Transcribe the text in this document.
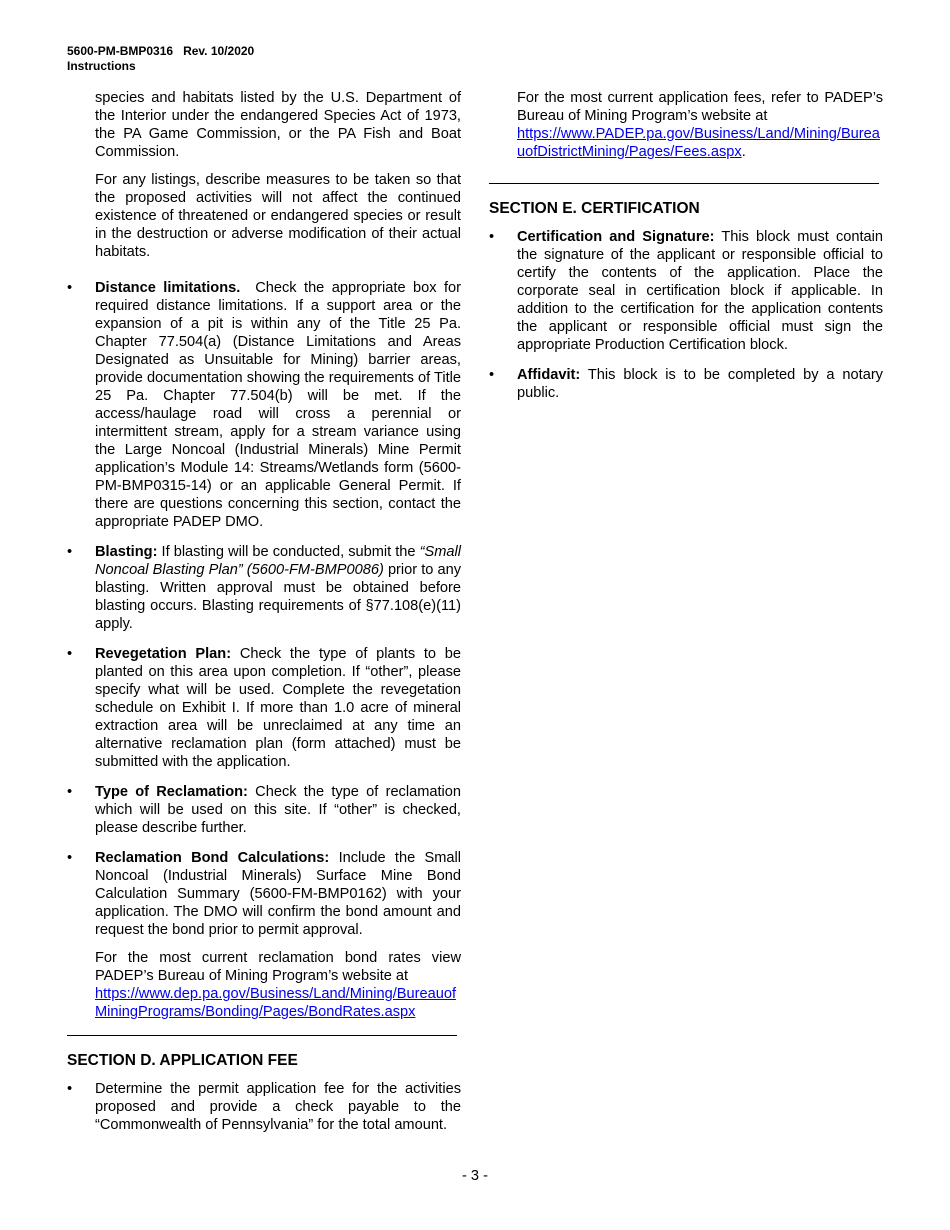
5600-PM-BMP0316 Rev. 10/2020
Instructions

species and habitats listed by the U.S. Department of the Interior under the endangered Species Act of 1973, the PA Game Commission, or the PA Fish and Boat Commission.

For any listings, describe measures to be taken so that the proposed activities will not affect the continued existence of threatened or endangered species or result in the destruction or adverse modification of their actual habitats.

•	Distance limitations. Check the appropriate box for required distance limitations. If a support area or the expansion of a pit is within any of the Title 25 Pa. Chapter 77.504(a) (Distance Limitations and Areas Designated as Unsuitable for Mining) barrier areas, provide documentation showing the requirements of Title 25 Pa. Chapter 77.504(b) will be met. If the access/haulage road will cross a perennial or intermittent stream, apply for a stream variance using the Large Noncoal (Industrial Minerals) Mine Permit application’s Module 14: Streams/Wetlands form (5600-PM-BMP0315-14) or an applicable General Permit. If there are questions concerning this section, contact the appropriate PADEP DMO.

•	Blasting: If blasting will be conducted, submit the “Small Noncoal Blasting Plan” (5600-FM-BMP0086) prior to any blasting. Written approval must be obtained before blasting occurs. Blasting requirements of §77.108(e)(11) apply.

•	Revegetation Plan: Check the type of plants to be planted on this area upon completion. If “other”, please specify what will be used. Complete the revegetation schedule on Exhibit I. If more than 1.0 acre of mineral extraction area will be unreclaimed at any time an alternative reclamation plan (form attached) must be submitted with the application.

•	Type of Reclamation: Check the type of reclamation which will be used on this site. If “other” is checked, please describe further.

•	Reclamation Bond Calculations: Include the Small Noncoal (Industrial Minerals) Surface Mine Bond Calculation Summary (5600-FM-BMP0162) with your application. The DMO will confirm the bond amount and request the bond prior to permit approval.

For the most current reclamation bond rates view PADEP’s Bureau of Mining Program’s website at

https://www.dep.pa.gov/Business/Land/Mining/BureauofMiningPrograms/Bonding/Pages/BondRates.aspx

SECTION D. APPLICATION FEE
•	Determine the permit application fee for the activities proposed and provide a check payable to the “Commonwealth of Pennsylvania” for the total amount.

For the most current application fees, refer to PADEP’s Bureau of Mining Program’s website at

https://www.PADEP.pa.gov/Business/Land/Mining/BureauofDistrictMining/Pages/Fees.aspx.

SECTION E. CERTIFICATION
•	Certification and Signature: This block must contain the signature of the applicant or responsible official to certify the contents of the application. Place the corporate seal in certification block if applicable. In addition to the certification for the application contents the applicant or responsible official must sign the appropriate Production Certification block.

•	Affidavit: This block is to be completed by a notary public.

- 3 -
